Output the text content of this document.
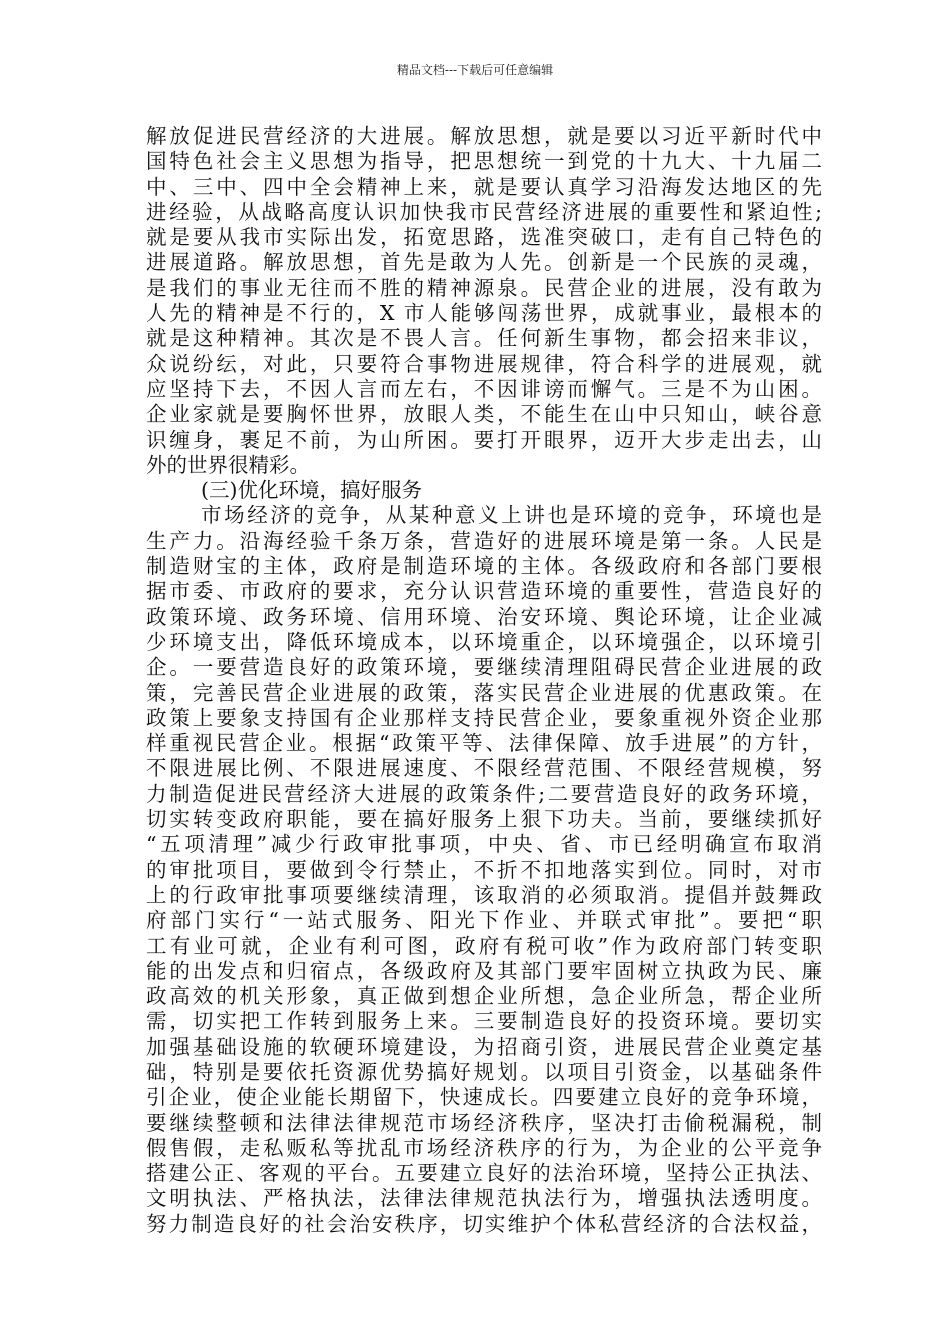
精品文档---下载后可任意编辑
解放促进民营经济的大进展。解放思想，就是要以习近平新时代中
国特色社会主义思想为指导，把思想统一到党的十九大、十九届二
中、三中、四中全会精神上来，就是要认真学习沿海发达地区的先
进经验，从战略高度认识加快我市民营经济进展的重要性和紧迫性;
就是要从我市实际出发，拓宽思路，选准突破口，走有自己特色的
进展道路。解放思想，首先是敢为人先。创新是一个民族的灵魂，
是我们的事业无往而不胜的精神源泉。民营企业的进展，没有敢为
人先的精神是不行的，X 市人能够闯荡世界，成就事业，最根本的
就是这种精神。其次是不畏人言。任何新生事物，都会招来非议，
众说纷纭，对此，只要符合事物进展规律，符合科学的进展观，就
应坚持下去，不因人言而左右，不因诽谤而懈气。三是不为山困。
企业家就是要胸怀世界，放眼人类，不能生在山中只知山，峡谷意
识缠身，裹足不前，为山所困。要打开眼界，迈开大步走出去，山
外的世界很精彩。
(三)优化环境，搞好服务
市场经济的竞争，从某种意义上讲也是环境的竞争，环境也是
生产力。沿海经验千条万条，营造好的进展环境是第一条。人民是
制造财宝的主体，政府是制造环境的主体。各级政府和各部门要根
据市委、市政府的要求，充分认识营造环境的重要性，营造良好的
政策环境、政务环境、信用环境、治安环境、舆论环境，让企业减
少环境支出，降低环境成本，以环境重企，以环境强企，以环境引
企。一要营造良好的政策环境，要继续清理阻碍民营企业进展的政
策，完善民营企业进展的政策，落实民营企业进展的优惠政策。在
政策上要象支持国有企业那样支持民营企业，要象重视外资企业那
样重视民营企业。根据“政策平等、法律保障、放手进展”的方针，
不限进展比例、不限进展速度、不限经营范围、不限经营规模，努
力制造促进民营经济大进展的政策条件;二要营造良好的政务环境，
切实转变政府职能，要在搞好服务上狠下功夫。当前，要继续抓好
“五项清理”减少行政审批事项，中央、省、市已经明确宣布取消
的审批项目，要做到令行禁止，不折不扣地落实到位。同时，对市
上的行政审批事项要继续清理，该取消的必须取消。提倡并鼓舞政
府部门实行“一站式服务、阳光下作业、并联式审批”。要把“职
工有业可就，企业有利可图，政府有税可收”作为政府部门转变职
能的出发点和归宿点，各级政府及其部门要牢固树立执政为民、廉
政高效的机关形象，真正做到想企业所想，急企业所急，帮企业所
需，切实把工作转到服务上来。三要制造良好的投资环境。要切实
加强基础设施的软硬环境建设，为招商引资，进展民营企业奠定基
础，特别是要依托资源优势搞好规划。以项目引资金，以基础条件
引企业，使企业能长期留下，快速成长。四要建立良好的竞争环境，
要继续整顿和法律法律规范市场经济秩序，坚决打击偷税漏税，制
假售假，走私贩私等扰乱市场经济秩序的行为，为企业的公平竞争
搭建公正、客观的平台。五要建立良好的法治环境，坚持公正执法、
文明执法、严格执法，法律法律规范执法行为，增强执法透明度。
努力制造良好的社会治安秩序，切实维护个体私营经济的合法权益，
